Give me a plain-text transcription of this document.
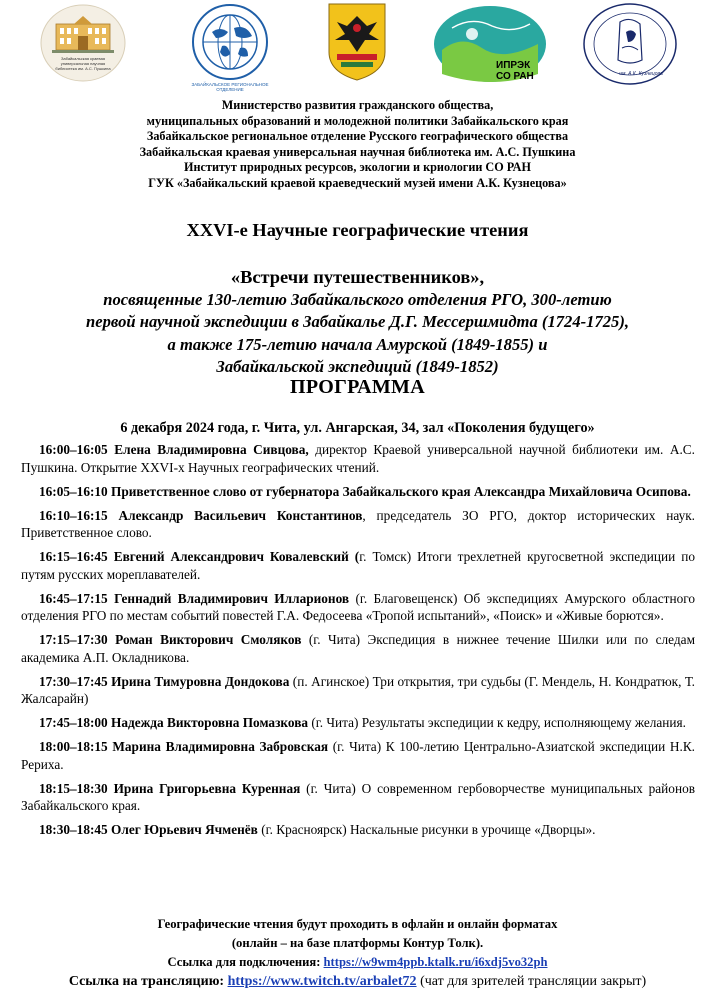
Забайкальская краевая универсальная научная библиотека им. А.С. Пушкина
ЗАБАЙКАЛЬСКОЕ РЕГИОНАЛЬНОЕ ОТДЕЛЕНИЕ
ИПРЭК
СО РАН	им. А.К. Кузнецова
Министерство развития гражданского общества,
муниципальных образований и молодежной политики Забайкальского края
Забайкальское региональное отделение Русского географического общества
Забайкальская краевая универсальная научная библиотека им. А.С. Пушкина
Институт природных ресурсов, экологии и криологии СО РАН
ГУК «Забайкальский краевой краеведческий музей имени А.К. Кузнецова»
XXVI-е Научные географические чтения
«Встречи путешественников»,
посвященные 130-летию Забайкальского отделения РГО, 300-летию
первой научной экспедиции в Забайкалье Д.Г. Мессершмидта (1724-1725),
а также 175-летию начала Амурской (1849-1855) и
Забайкальской экспедиций (1849-1852)
ПРОГРАММА
6 декабря 2024 года, г. Чита, ул. Ангарская, 34, зал «Поколения будущего»

16:00–16:05 Елена Владимировна Сивцова, директор Краевой универсальной научной библиотеки им. А.С. Пушкина. Открытие XXVI-х Научных географических чтений.

16:05–16:10 Приветственное слово от губернатора Забайкальского края Александра Михайловича Осипова.

16:10–16:15 Александр Васильевич Константинов, председатель ЗО РГО, доктор исторических наук. Приветственное слово.

16:15–16:45 Евгений Александрович Ковалевский (г. Томск) Итоги трехлетней кругосветной экспедиции по путям русских мореплавателей.

16:45–17:15 Геннадий Владимирович Илларионов (г. Благовещенск) Об экспедициях Амурского областного отделения РГО по местам событий повестей Г.А. Федосеева «Тропой испытаний», «Поиск» и «Живые борются».

17:15–17:30 Роман Викторович Смоляков (г. Чита) Экспедиция в нижнее течение Шилки или по следам академика А.П. Окладникова.

17:30–17:45 Ирина Тимуровна Дондокова (п. Агинское) Три открытия, три судьбы (Г. Мендель, Н. Кондратюк, Т. Жалсарайн)

17:45–18:00 Надежда Викторовна Помазкова (г. Чита) Результаты экспедиции к кедру, исполняющему желания.

18:00–18:15 Марина Владимировна Забровская (г. Чита) К 100-летию Центрально-Азиатской экспедиции Н.К. Рериха.

18:15–18:30 Ирина Григорьевна Куренная (г. Чита) О современном гербоворчестве муниципальных районов Забайкальского края.

18:30–18:45 Олег Юрьевич Ячменёв (г. Красноярск) Наскальные рисунки в урочище «Дворцы».

Географические чтения будут проходить в офлайн и онлайн форматах
(онлайн – на базе платформы Контур Толк).
Ссылка для подключения: https://w9wm4ppb.ktalk.ru/i6xdj5vo32ph
Ссылка на трансляцию: https://www.twitch.tv/arbalet72 (чат для зрителей трансляции закрыт)
